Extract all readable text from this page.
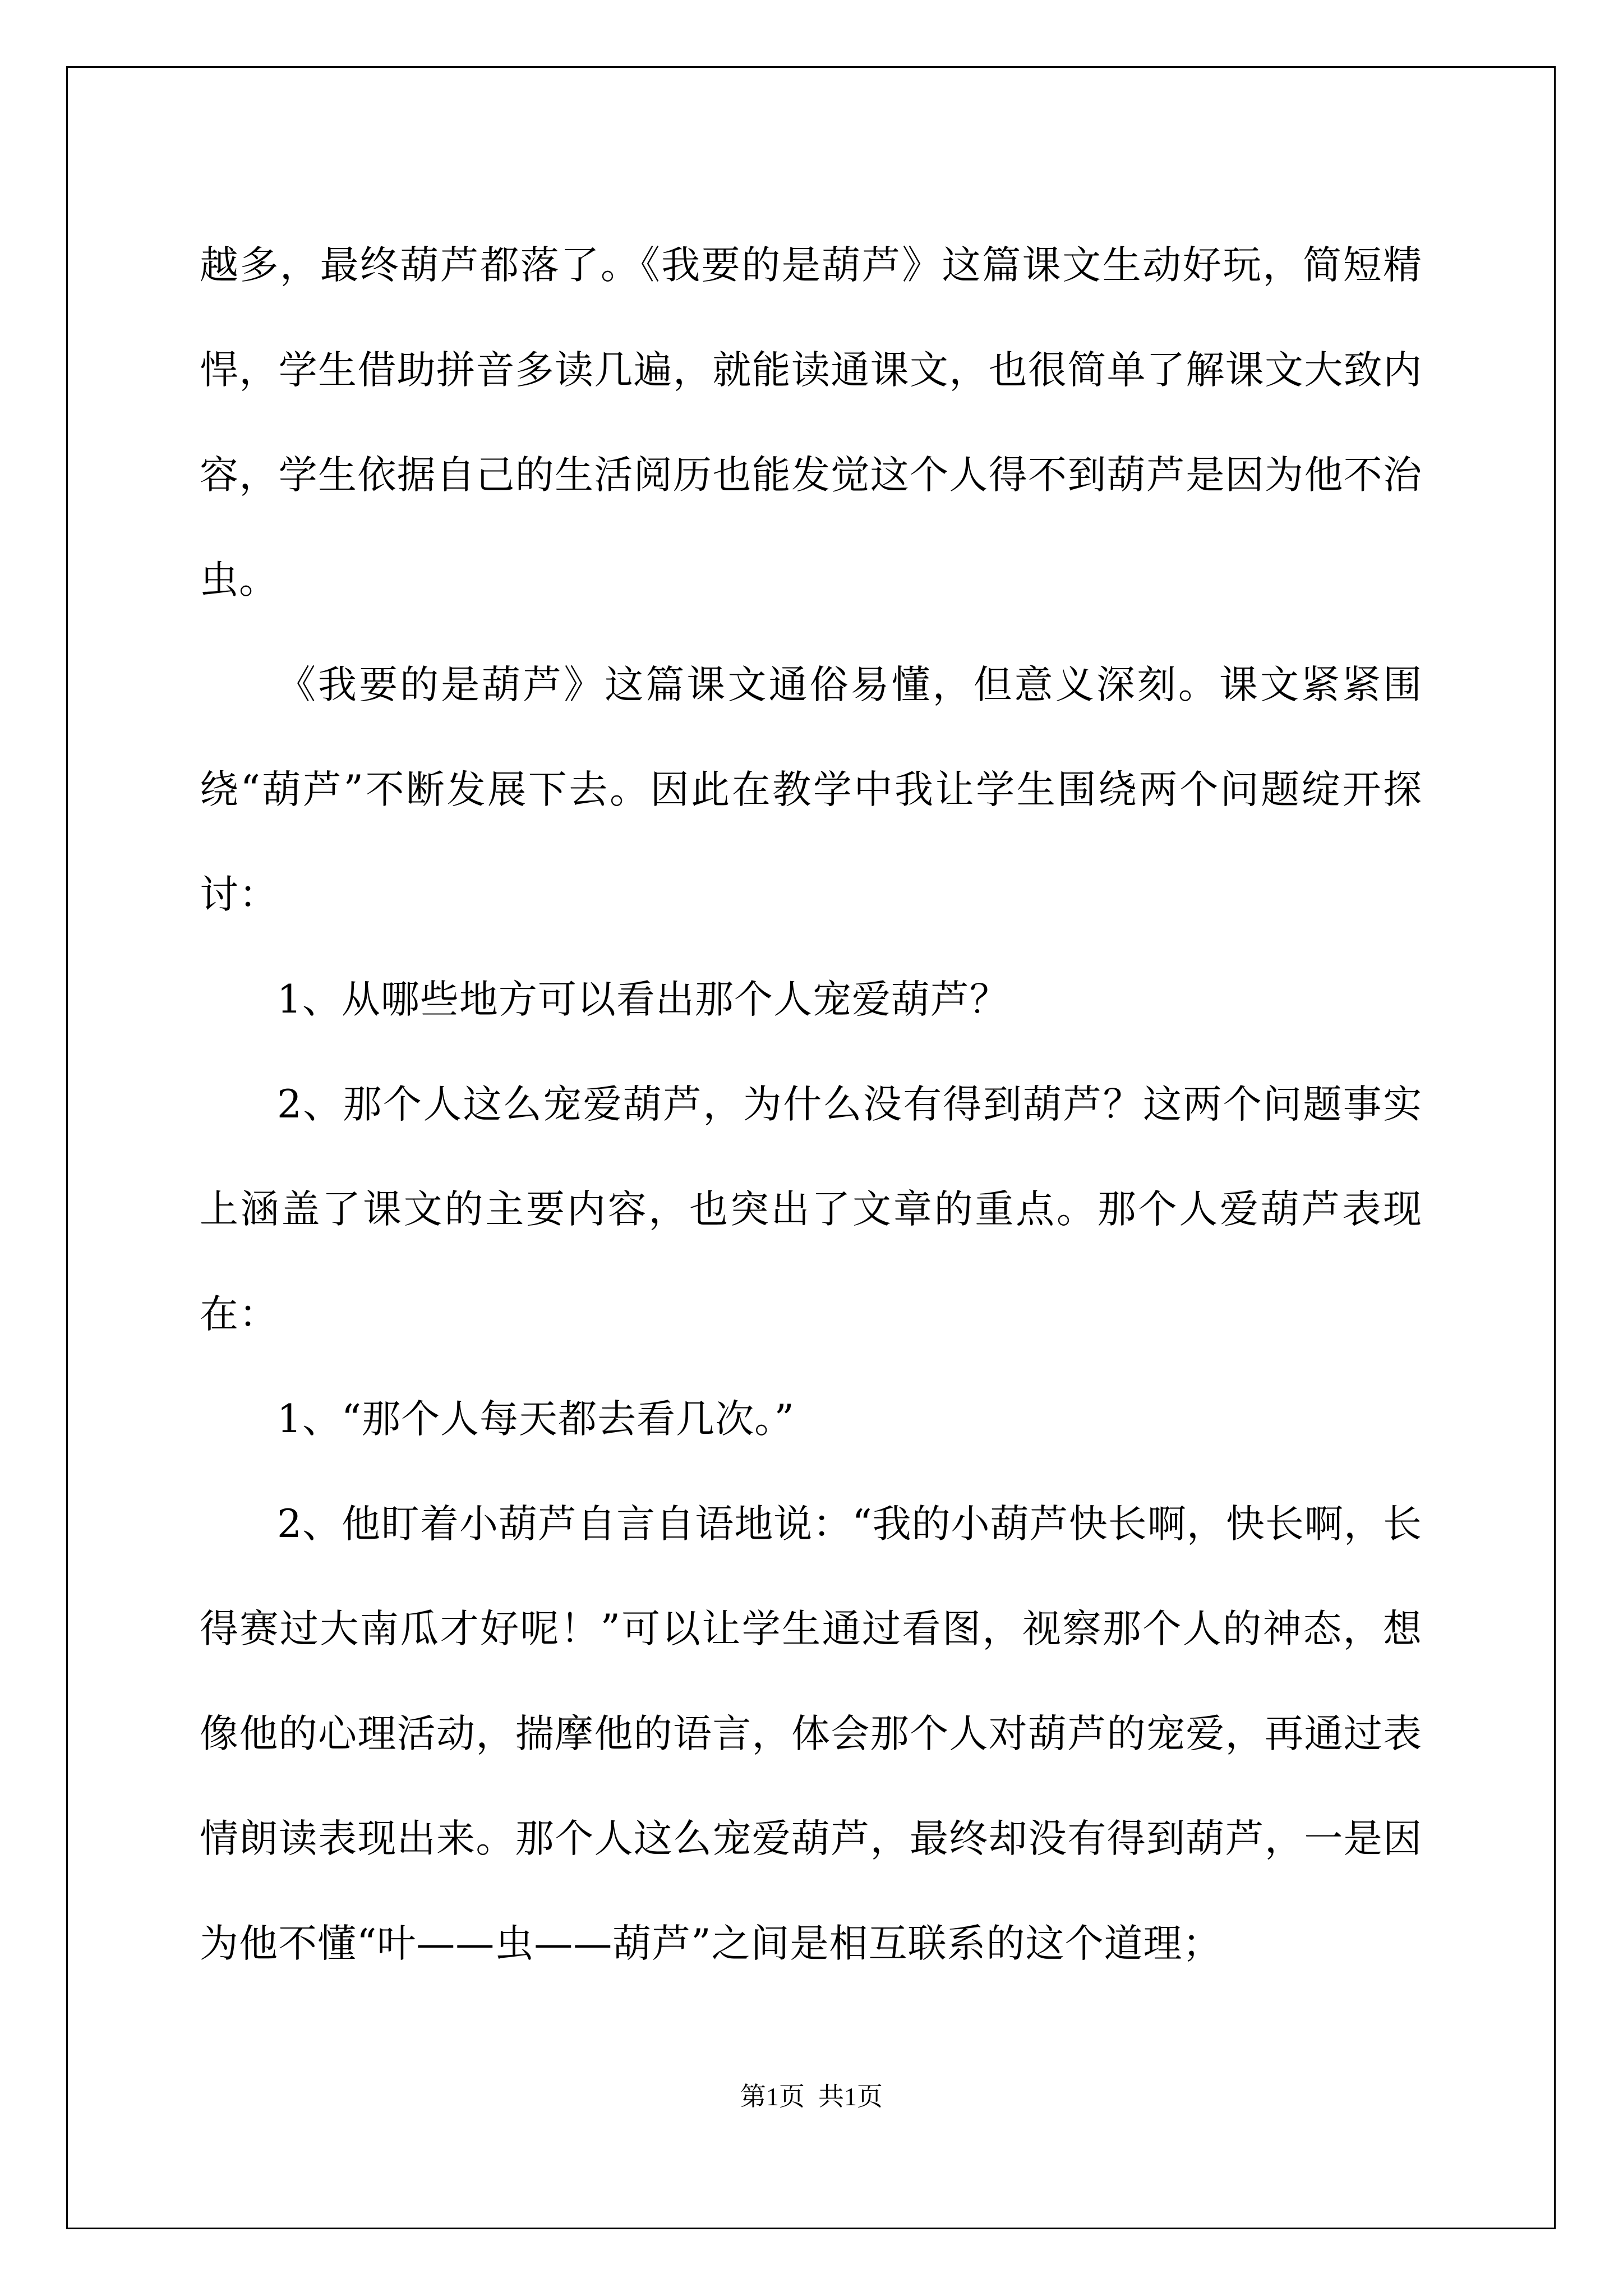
越多，最终葫芦都落了。《我要的是葫芦》这篇课文生动好玩，简短精悍，学生借助拼音多读几遍，就能读通课文，也很简单了解课文大致内容，学生依据自己的生活阅历也能发觉这个人得不到葫芦是因为他不治虫。

《我要的是葫芦》这篇课文通俗易懂，但意义深刻。课文紧紧围绕“葫芦”不断发展下去。因此在教学中我让学生围绕两个问题绽开探讨：

1、从哪些地方可以看出那个人宠爱葫芦？

2、那个人这么宠爱葫芦，为什么没有得到葫芦？这两个问题事实上涵盖了课文的主要内容，也突出了文章的重点。那个人爱葫芦表现在：

1、“那个人每天都去看几次。”

2、他盯着小葫芦自言自语地说：“我的小葫芦快长啊，快长啊，长得赛过大南瓜才好呢！”可以让学生通过看图，视察那个人的神态，想像他的心理活动，揣摩他的语言，体会那个人对葫芦的宠爱，再通过表情朗读表现出来。那个人这么宠爱葫芦，最终却没有得到葫芦，一是因为他不懂“叶——虫——葫芦”之间是相互联系的这个道理；

第1页 共1页
